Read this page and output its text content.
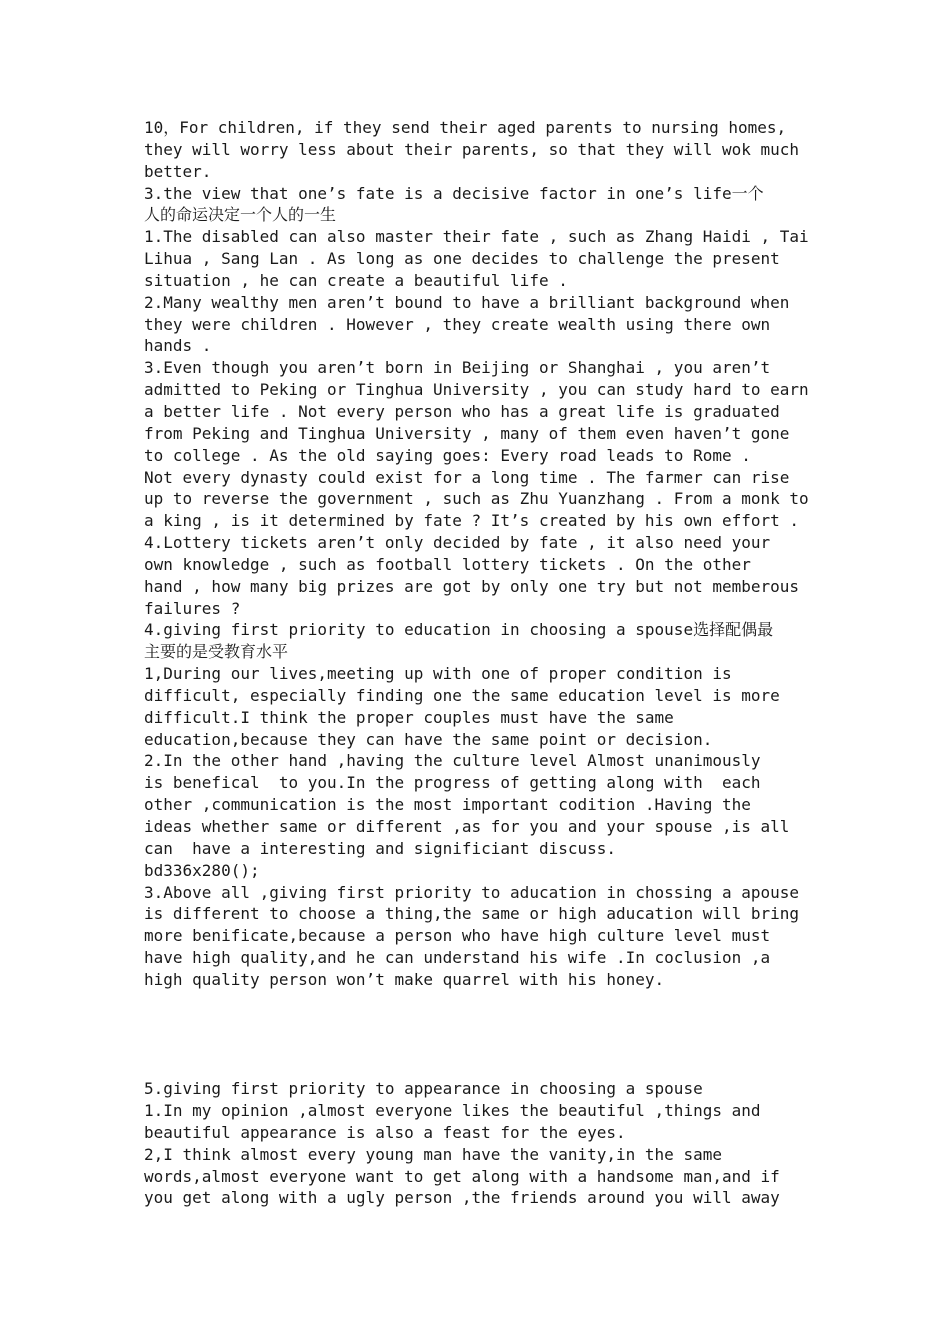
10，For children, if they send their aged parents to nursing homes,
they will worry less about their parents, so that they will wok much
better.
3.the view that one’s fate is a decisive factor in one’s life一个
人的命运决定一个人的一生
1.The disabled can also master their fate , such as Zhang Haidi , Tai
Lihua , Sang Lan . As long as one decides to challenge the present
situation , he can create a beautiful life .
2.Many wealthy men aren’t bound to have a brilliant background when
they were children . However , they create wealth using there own
hands .
3.Even though you aren’t born in Beijing or Shanghai , you aren’t
admitted to Peking or Tinghua University , you can study hard to earn
a better life . Not every person who has a great life is graduated
from Peking and Tinghua University , many of them even haven’t gone
to college . As the old saying goes: Every road leads to Rome .
Not every dynasty could exist for a long time . The farmer can rise
up to reverse the government , such as Zhu Yuanzhang . From a monk to
a king , is it determined by fate ? It’s created by his own effort .
4.Lottery tickets aren’t only decided by fate , it also need your
own knowledge , such as football lottery tickets . On the other
hand , how many big prizes are got by only one try but not memberous
failures ?
4.giving first priority to education in choosing a spouse选择配偶最
主要的是受教育水平
1,During our lives,meeting up with one of proper condition is
difficult, especially finding one the same education level is more
difficult.I think the proper couples must have the same
education,because they can have the same point or decision.
2.In the other hand ,having the culture level Almost unanimously
is benefical  to you.In the progress of getting along with  each
other ,communication is the most important codition .Having the
ideas whether same or different ,as for you and your spouse ,is all
can  have a interesting and significiant discuss.
bd336x280();
3.Above all ,giving first priority to aducation in chossing a apouse
is different to choose a thing,the same or high aducation will bring
more benificate,because a person who have high culture level must
have high quality,and he can understand his wife .In coclusion ,a
high quality person won’t make quarrel with his honey.
5.giving first priority to appearance in choosing a spouse
1.In my opinion ,almost everyone likes the beautiful ,things and
beautiful appearance is also a feast for the eyes.
2,I think almost every young man have the vanity,in the same
words,almost everyone want to get along with a handsome man,and if
you get along with a ugly person ,the friends around you will away
